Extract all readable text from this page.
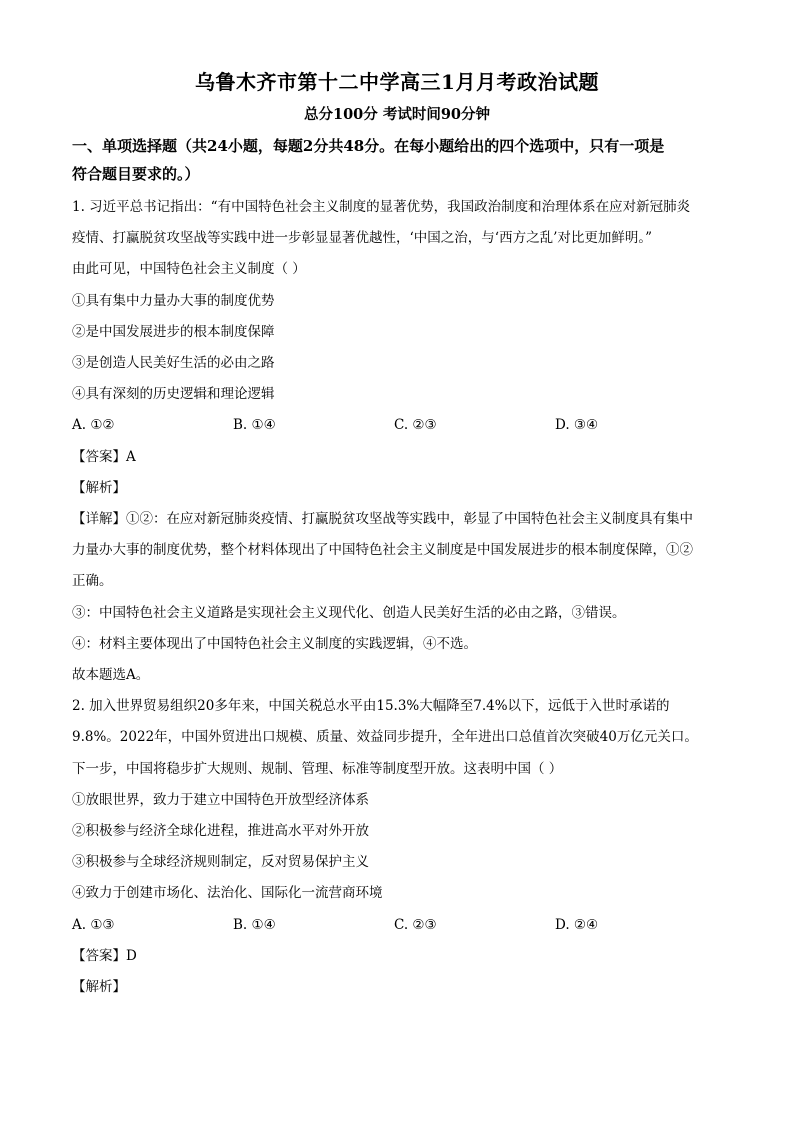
乌鲁木齐市第十二中学高三1月月考政治试题

总分100分 考试时间90分钟

一、单项选择题（共24小题，每题2分共48分。在每小题给出的四个选项中，只有一项是

符合题目要求的。）

1. 习近平总书记指出：“有中国特色社会主义制度的显著优势，我国政治制度和治理体系在应对新冠肺炎

疫情、打赢脱贫攻坚战等实践中进一步彰显显著优越性，‘中国之治，与‘西方之乱’对比更加鲜明。”

由此可见，中国特色社会主义制度（ ）

①具有集中力量办大事的制度优势

②是中国发展进步的根本制度保障

③是创造人民美好生活的必由之路

④具有深刻的历史逻辑和理论逻辑

A. ①②	B. ①④	C. ②③	D. ③④

【答案】A

【解析】

【详解】①②：在应对新冠肺炎疫情、打赢脱贫攻坚战等实践中，彰显了中国特色社会主义制度具有集中

力量办大事的制度优势，整个材料体现出了中国特色社会主义制度是中国发展进步的根本制度保障，①②

正确。

③：中国特色社会主义道路是实现社会主义现代化、创造人民美好生活的必由之路，③错误。

④：材料主要体现出了中国特色社会主义制度的实践逻辑，④不选。

故本题选A。

2. 加入世界贸易组织20多年来，中国关税总水平由15.3%大幅降至7.4%以下，远低于入世时承诺的

9.8%。2022年，中国外贸进出口规模、质量、效益同步提升，全年进出口总值首次突破40万亿元关口。

下一步，中国将稳步扩大规则、规制、管理、标准等制度型开放。这表明中国（ ）

①放眼世界，致力于建立中国特色开放型经济体系

②积极参与经济全球化进程，推进高水平对外开放

③积极参与全球经济规则制定，反对贸易保护主义

④致力于创建市场化、法治化、国际化一流营商环境

A. ①③	B. ①④	C. ②③	D. ②④

【答案】D

【解析】
